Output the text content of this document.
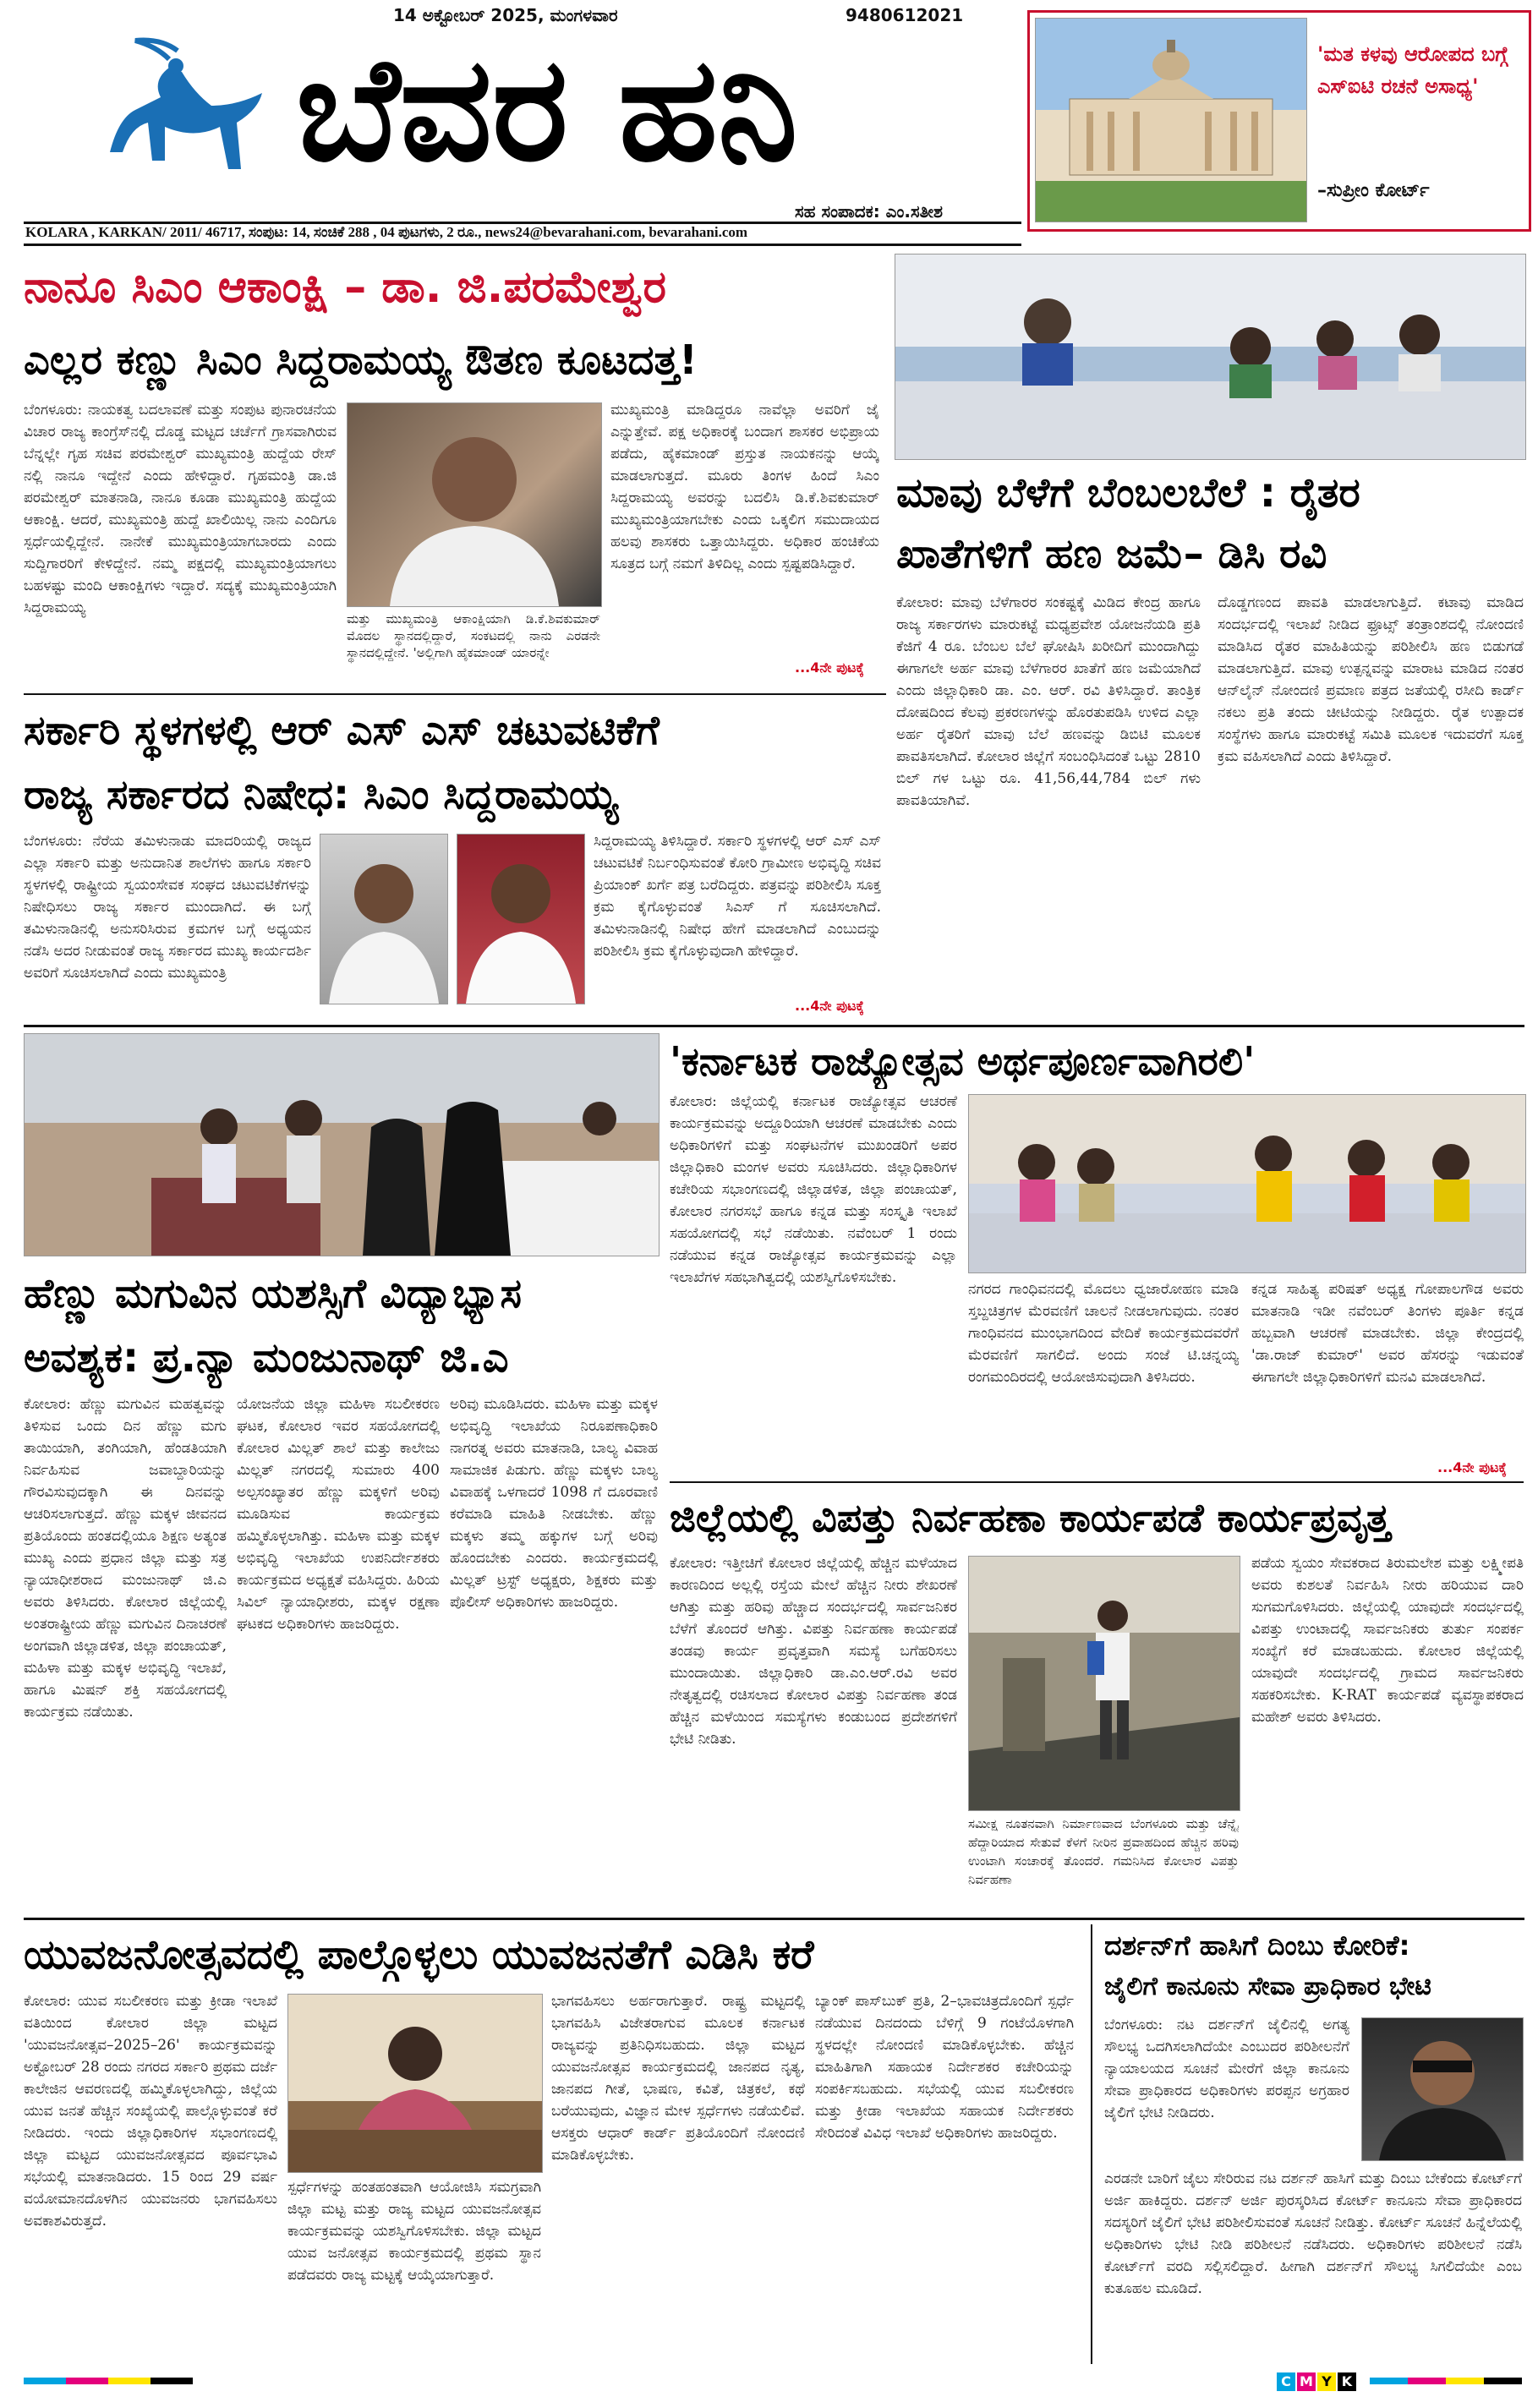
14 ಅಕ್ಟೋಬರ್ 2025, ಮಂಗಳವಾರ	9480612021
ಬೆವರ ಹನಿ
ಸಹ ಸಂಪಾದಕ: ಎಂ.ಸತೀಶ
'ಮತ ಕಳವು ಆರೋಪದ ಬಗ್ಗೆ ಎಸ್‌ಐಟಿ ರಚನೆ ಅಸಾಧ್ಯ'
–ಸುಪ್ರೀಂ ಕೋರ್ಟ್
KOLARA , KARKAN/ 2011/ 46717, ಸಂಪುಟ: 14, ಸಂಚಿಕೆ 288 , 04 ಪುಟಗಳು, 2 ರೂ., news24@bevarahani.com, bevarahani.com
ನಾನೂ ಸಿಎಂ ಆಕಾಂಕ್ಷಿ – ಡಾ. ಜಿ.ಪರಮೇಶ್ವರ
ಎಲ್ಲರ ಕಣ್ಣು ಸಿಎಂ ಸಿದ್ದರಾಮಯ್ಯ ಔತಣ ಕೂಟದತ್ತ!
ಬೆಂಗಳೂರು: ನಾಯಕತ್ವ ಬದಲಾವಣೆ ಮತ್ತು ಸಂಪುಟ ಪುನಾರಚನೆಯ ವಿಚಾರ ರಾಜ್ಯ ಕಾಂಗ್ರೆಸ್‌ನಲ್ಲಿ ದೊಡ್ಡ ಮಟ್ಟದ ಚರ್ಚೆಗೆ ಗ್ರಾಸವಾಗಿರುವ ಬೆನ್ನಲ್ಲೇ ಗೃಹ ಸಚಿವ ಪರಮೇಶ್ವರ್ ಮುಖ್ಯಮಂತ್ರಿ ಹುದ್ದೆಯ ರೇಸ್ ನಲ್ಲಿ ನಾನೂ ಇದ್ದೇನೆ ಎಂದು ಹೇಳಿದ್ದಾರೆ. ಗೃಹಮಂತ್ರಿ ಡಾ.ಜಿ ಪರಮೇಶ್ವರ್ ಮಾತನಾಡಿ, ನಾನೂ ಕೂಡಾ ಮುಖ್ಯಮಂತ್ರಿ ಹುದ್ದೆಯ ಆಕಾಂಕ್ಷಿ. ಆದರೆ, ಮುಖ್ಯಮಂತ್ರಿ ಹುದ್ದೆ ಖಾಲಿಯಿಲ್ಲ ನಾನು ಎಂದಿಗೂ ಸ್ಪರ್ಧೆಯಲ್ಲಿದ್ದೇನೆ. ನಾನೇಕೆ ಮುಖ್ಯಮಂತ್ರಿಯಾಗಬಾರದು ಎಂದು ಸುದ್ದಿಗಾರರಿಗೆ ಕೇಳಿದ್ದೇನೆ. ನಮ್ಮ ಪಕ್ಷದಲ್ಲಿ ಮುಖ್ಯಮಂತ್ರಿಯಾಗಲು ಬಹಳಷ್ಟು ಮಂದಿ ಆಕಾಂಕ್ಷಿಗಳು ಇದ್ದಾರೆ. ಸದ್ಯಕ್ಕೆ ಮುಖ್ಯಮಂತ್ರಿಯಾಗಿ ಸಿದ್ದರಾಮಯ್ಯ
ಮತ್ತು ಮುಖ್ಯಮಂತ್ರಿ ಆಕಾಂಕ್ಷಿಯಾಗಿ ಡಿ.ಕೆ.ಶಿವಕುಮಾರ್ ಮೊದಲ ಸ್ಥಾನದಲ್ಲಿದ್ದಾರೆ, ಸಂಕಟದಲ್ಲಿ ನಾನು ಎರಡನೇ ಸ್ಥಾನದಲ್ಲಿದ್ದೇನೆ. 'ಅಲ್ಲಿಗಾಗಿ ಹೈಕಮಾಂಡ್ ಯಾರನ್ನೇ
ಮುಖ್ಯಮಂತ್ರಿ ಮಾಡಿದ್ದರೂ ನಾವೆಲ್ಲಾ ಅವರಿಗೆ ಜೈ ಎನ್ನುತ್ತೇವೆ. ಪಕ್ಷ ಅಧಿಕಾರಕ್ಕೆ ಬಂದಾಗ ಶಾಸಕರ ಅಭಿಪ್ರಾಯ ಪಡೆದು, ಹೈಕಮಾಂಡ್ ಪ್ರಸ್ತುತ ನಾಯಕನನ್ನು ಆಯ್ಕೆ ಮಾಡಲಾಗುತ್ತದೆ. ಮೂರು ತಿಂಗಳ ಹಿಂದೆ ಸಿಎಂ ಸಿದ್ದರಾಮಯ್ಯ ಅವರನ್ನು ಬದಲಿಸಿ ಡಿ.ಕೆ.ಶಿವಕುಮಾರ್ ಮುಖ್ಯಮಂತ್ರಿಯಾಗಬೇಕು ಎಂದು ಒಕ್ಕಲಿಗ ಸಮುದಾಯದ ಹಲವು ಶಾಸಕರು ಒತ್ತಾಯಿಸಿದ್ದರು. ಅಧಿಕಾರ ಹಂಚಿಕೆಯ ಸೂತ್ರದ ಬಗ್ಗೆ ನಮಗೆ ತಿಳಿದಿಲ್ಲ ಎಂದು ಸ್ಪಷ್ಟಪಡಿಸಿದ್ದಾರೆ.
...4ನೇ ಪುಟಕ್ಕೆ
ಮಾವು ಬೆಳೆಗೆ ಬೆಂಬಲಬೆಲೆ : ರೈತರ
ಖಾತೆಗಳಿಗೆ ಹಣ ಜಮೆ– ಡಿಸಿ ರವಿ
ಕೋಲಾರ: ಮಾವು ಬೆಳೆಗಾರರ ಸಂಕಷ್ಟಕ್ಕೆ ಮಿಡಿದ ಕೇಂದ್ರ ಹಾಗೂ ರಾಜ್ಯ ಸರ್ಕಾರಗಳು ಮಾರುಕಟ್ಟೆ ಮಧ್ಯಪ್ರವೇಶ ಯೋಜನೆಯಡಿ ಪ್ರತಿ ಕೆಜಿಗೆ 4 ರೂ. ಬೆಂಬಲ ಬೆಲೆ ಘೋಷಿಸಿ ಖರೀದಿಗೆ ಮುಂದಾಗಿದ್ದು ಈಗಾಗಲೇ ಅರ್ಹ ಮಾವು ಬೆಳೆಗಾರರ ಖಾತೆಗೆ ಹಣ ಜಮೆಯಾಗಿದೆ ಎಂದು ಜಿಲ್ಲಾಧಿಕಾರಿ ಡಾ. ಎಂ. ಆರ್. ರವಿ ತಿಳಿಸಿದ್ದಾರೆ. ತಾಂತ್ರಿಕ ದೋಷದಿಂದ ಕೆಲವು ಪ್ರಕರಣಗಳನ್ನು ಹೊರತುಪಡಿಸಿ ಉಳಿದ ಎಲ್ಲಾ ಅರ್ಹ ರೈತರಿಗೆ ಮಾವು ಬೆಲೆ ಹಣವನ್ನು ಡಿಬಿಟಿ ಮೂಲಕ ಪಾವತಿಸಲಾಗಿದೆ. ಕೋಲಾರ ಜಿಲ್ಲೆಗೆ ಸಂಬಂಧಿಸಿದಂತೆ ಒಟ್ಟು 2810 ಬಿಲ್ ಗಳ ಒಟ್ಟು ರೂ. 41,56,44,784 ಬಿಲ್ ಗಳು ಪಾವತಿಯಾಗಿವೆ.
ದೊಡ್ಡಗಣಂದ ಪಾವತಿ ಮಾಡಲಾಗುತ್ತಿದೆ. ಕಟಾವು ಮಾಡಿದ ಸಂದರ್ಭದಲ್ಲಿ ಇಲಾಖೆ ನೀಡಿದ ಫ್ರೂಟ್ಸ್ ತಂತ್ರಾಂಶದಲ್ಲಿ ನೋಂದಣಿ ಮಾಡಿಸಿದ ರೈತರ ಮಾಹಿತಿಯನ್ನು ಪರಿಶೀಲಿಸಿ ಹಣ ಬಿಡುಗಡೆ ಮಾಡಲಾಗುತ್ತಿದೆ. ಮಾವು ಉತ್ಪನ್ನವನ್ನು ಮಾರಾಟ ಮಾಡಿದ ನಂತರ ಆನ್‌ಲೈನ್ ನೋಂದಣಿ ಪ್ರಮಾಣ ಪತ್ರದ ಜತೆಯಲ್ಲಿ ರಸೀದಿ ಕಾರ್ಡ್ ನಕಲು ಪ್ರತಿ ತಂದು ಚೀಟಿಯನ್ನು ನೀಡಿದ್ದರು. ರೈತ ಉತ್ಪಾದಕ ಸಂಸ್ಥೆಗಳು ಹಾಗೂ ಮಾರುಕಟ್ಟೆ ಸಮಿತಿ ಮೂಲಕ ಇದುವರೆಗೆ ಸೂಕ್ತ ಕ್ರಮ ವಹಿಸಲಾಗಿದೆ ಎಂದು ತಿಳಿಸಿದ್ದಾರೆ.
ಸರ್ಕಾರಿ ಸ್ಥಳಗಳಲ್ಲಿ ಆರ್ ಎಸ್ ಎಸ್ ಚಟುವಟಿಕೆಗೆ
ರಾಜ್ಯ ಸರ್ಕಾರದ ನಿಷೇಧ: ಸಿಎಂ ಸಿದ್ದರಾಮಯ್ಯ
ಬೆಂಗಳೂರು: ನೆರೆಯ ತಮಿಳುನಾಡು ಮಾದರಿಯಲ್ಲಿ ರಾಜ್ಯದ ಎಲ್ಲಾ ಸರ್ಕಾರಿ ಮತ್ತು ಅನುದಾನಿತ ಶಾಲೆಗಳು ಹಾಗೂ ಸರ್ಕಾರಿ ಸ್ಥಳಗಳಲ್ಲಿ ರಾಷ್ಟ್ರೀಯ ಸ್ವಯಂಸೇವಕ ಸಂಘದ ಚಟುವಟಿಕೆಗಳನ್ನು ನಿಷೇಧಿಸಲು ರಾಜ್ಯ ಸರ್ಕಾರ ಮುಂದಾಗಿದೆ. ಈ ಬಗ್ಗೆ ತಮಿಳುನಾಡಿನಲ್ಲಿ ಅನುಸರಿಸಿರುವ ಕ್ರಮಗಳ ಬಗ್ಗೆ ಅಧ್ಯಯನ ನಡೆಸಿ ಅದರ ನೀಡುವಂತೆ ರಾಜ್ಯ ಸರ್ಕಾರದ ಮುಖ್ಯ ಕಾರ್ಯದರ್ಶಿ ಅವರಿಗೆ ಸೂಚಿಸಲಾಗಿದೆ ಎಂದು ಮುಖ್ಯಮಂತ್ರಿ
ಸಿದ್ದರಾಮಯ್ಯ ತಿಳಿಸಿದ್ದಾರೆ. ಸರ್ಕಾರಿ ಸ್ಥಳಗಳಲ್ಲಿ ಆರ್ ಎಸ್ ಎಸ್ ಚಟುವಟಿಕೆ ನಿರ್ಬಂಧಿಸುವಂತೆ ಕೋರಿ ಗ್ರಾಮೀಣ ಅಭಿವೃದ್ಧಿ ಸಚಿವ ಪ್ರಿಯಾಂಕ್ ಖರ್ಗೆ ಪತ್ರ ಬರೆದಿದ್ದರು. ಪತ್ರವನ್ನು ಪರಿಶೀಲಿಸಿ ಸೂಕ್ತ ಕ್ರಮ ಕೈಗೊಳ್ಳುವಂತೆ ಸಿಎಸ್ ಗೆ ಸೂಚಿಸಲಾಗಿದೆ. ತಮಿಳುನಾಡಿನಲ್ಲಿ ನಿಷೇಧ ಹೇಗೆ ಮಾಡಲಾಗಿದೆ ಎಂಬುದನ್ನು ಪರಿಶೀಲಿಸಿ ಕ್ರಮ ಕೈಗೊಳ್ಳುವುದಾಗಿ ಹೇಳಿದ್ದಾರೆ.
...4ನೇ ಪುಟಕ್ಕೆ
'ಕರ್ನಾಟಕ ರಾಜ್ಯೋತ್ಸವ ಅರ್ಥಪೂರ್ಣವಾಗಿರಲಿ'
ಕೋಲಾರ: ಜಿಲ್ಲೆಯಲ್ಲಿ ಕರ್ನಾಟಕ ರಾಜ್ಯೋತ್ಸವ ಆಚರಣೆ ಕಾರ್ಯಕ್ರಮವನ್ನು ಅದ್ದೂರಿಯಾಗಿ ಆಚರಣೆ ಮಾಡಬೇಕು ಎಂದು ಅಧಿಕಾರಿಗಳಿಗೆ ಮತ್ತು ಸಂಘಟನೆಗಳ ಮುಖಂಡರಿಗೆ ಅಪರ ಜಿಲ್ಲಾಧಿಕಾರಿ ಮಂಗಳ ಅವರು ಸೂಚಿಸಿದರು. ಜಿಲ್ಲಾಧಿಕಾರಿಗಳ ಕಚೇರಿಯ ಸಭಾಂಗಣದಲ್ಲಿ ಜಿಲ್ಲಾಡಳಿತ, ಜಿಲ್ಲಾ ಪಂಚಾಯತ್, ಕೋಲಾರ ನಗರಸಭೆ ಹಾಗೂ ಕನ್ನಡ ಮತ್ತು ಸಂಸ್ಕೃತಿ ಇಲಾಖೆ ಸಹಯೋಗದಲ್ಲಿ ಸಭೆ ನಡೆಯಿತು. ನವೆಂಬರ್ 1 ರಂದು ನಡೆಯುವ ಕನ್ನಡ ರಾಜ್ಯೋತ್ಸವ ಕಾರ್ಯಕ್ರಮವನ್ನು ಎಲ್ಲಾ ಇಲಾಖೆಗಳ ಸಹಭಾಗಿತ್ವದಲ್ಲಿ ಯಶಸ್ವಿಗೊಳಿಸಬೇಕು.
ನಗರದ ಗಾಂಧಿವನದಲ್ಲಿ ಮೊದಲು ಧ್ವಜಾರೋಹಣ ಮಾಡಿ ಸ್ತಬ್ದಚಿತ್ರಗಳ ಮೆರವಣಿಗೆ ಚಾಲನೆ ನೀಡಲಾಗುವುದು. ನಂತರ ಗಾಂಧಿವನದ ಮುಂಭಾಗದಿಂದ ವೇದಿಕೆ ಕಾರ್ಯಕ್ರಮದವರೆಗೆ ಮೆರವಣಿಗೆ ಸಾಗಲಿದೆ. ಅಂದು ಸಂಜೆ ಟಿ.ಚನ್ನಯ್ಯ ರಂಗಮಂದಿರದಲ್ಲಿ ಆಯೋಜಿಸುವುದಾಗಿ ತಿಳಿಸಿದರು.
ಕನ್ನಡ ಸಾಹಿತ್ಯ ಪರಿಷತ್ ಅಧ್ಯಕ್ಷ ಗೋಪಾಲಗೌಡ ಅವರು ಮಾತನಾಡಿ ಇಡೀ ನವೆಂಬರ್ ತಿಂಗಳು ಪೂರ್ತಿ ಕನ್ನಡ ಹಬ್ಬವಾಗಿ ಆಚರಣೆ ಮಾಡಬೇಕು. ಜಿಲ್ಲಾ ಕೇಂದ್ರದಲ್ಲಿ 'ಡಾ.ರಾಜ್ ಕುಮಾರ್' ಅವರ ಹೆಸರನ್ನು ಇಡುವಂತೆ ಈಗಾಗಲೇ ಜಿಲ್ಲಾಧಿಕಾರಿಗಳಿಗೆ ಮನವಿ ಮಾಡಲಾಗಿದೆ.
...4ನೇ ಪುಟಕ್ಕೆ
ಹೆಣ್ಣು ಮಗುವಿನ ಯಶಸ್ಸಿಗೆ ವಿದ್ಯಾಭ್ಯಾಸ
ಅವಶ್ಯಕ: ಪ್ರ.ನ್ಯಾ ಮಂಜುನಾಥ್ ಜಿ.ಎ
ಕೋಲಾರ: ಹೆಣ್ಣು ಮಗುವಿನ ಮಹತ್ವವನ್ನು ತಿಳಿಸುವ ಒಂದು ದಿನ ಹೆಣ್ಣು ಮಗು ತಾಯಿಯಾಗಿ, ತಂಗಿಯಾಗಿ, ಹೆಂಡತಿಯಾಗಿ ನಿರ್ವಹಿಸುವ ಜವಾಬ್ದಾರಿಯನ್ನು ಗೌರವಿಸುವುದಕ್ಕಾಗಿ ಈ ದಿನವನ್ನು ಆಚರಿಸಲಾಗುತ್ತದೆ. ಹೆಣ್ಣು ಮಕ್ಕಳ ಜೀವನದ ಪ್ರತಿಯೊಂದು ಹಂತದಲ್ಲಿಯೂ ಶಿಕ್ಷಣ ಅತ್ಯಂತ ಮುಖ್ಯ ಎಂದು ಪ್ರಧಾನ ಜಿಲ್ಲಾ ಮತ್ತು ಸತ್ರ ನ್ಯಾಯಾಧೀಶರಾದ ಮಂಜುನಾಥ್ ಜಿ.ಎ ಅವರು ತಿಳಿಸಿದರು. ಕೋಲಾರ ಜಿಲ್ಲೆಯಲ್ಲಿ ಅಂತರಾಷ್ಟ್ರೀಯ ಹೆಣ್ಣು ಮಗುವಿನ ದಿನಾಚರಣೆ ಅಂಗವಾಗಿ ಜಿಲ್ಲಾಡಳಿತ, ಜಿಲ್ಲಾ ಪಂಚಾಯತ್, ಮಹಿಳಾ ಮತ್ತು ಮಕ್ಕಳ ಅಭಿವೃದ್ಧಿ ಇಲಾಖೆ, ಹಾಗೂ ಮಿಷನ್ ಶಕ್ತಿ ಸಹಯೋಗದಲ್ಲಿ ಕಾರ್ಯಕ್ರಮ ನಡೆಯಿತು.
ಯೋಜನೆಯ ಜಿಲ್ಲಾ ಮಹಿಳಾ ಸಬಲೀಕರಣ ಘಟಕ, ಕೋಲಾರ ಇವರ ಸಹಯೋಗದಲ್ಲಿ ಕೋಲಾರ ಮಿಲ್ಲತ್ ಶಾಲೆ ಮತ್ತು ಕಾಲೇಜು ಮಿಲ್ಲತ್ ನಗರದಲ್ಲಿ ಸುಮಾರು 400 ಅಲ್ಪಸಂಖ್ಯಾತರ ಹೆಣ್ಣು ಮಕ್ಕಳಿಗೆ ಅರಿವು ಮೂಡಿಸುವ ಕಾರ್ಯಕ್ರಮ ಹಮ್ಮಿಕೊಳ್ಳಲಾಗಿತ್ತು. ಮಹಿಳಾ ಮತ್ತು ಮಕ್ಕಳ ಅಭಿವೃದ್ಧಿ ಇಲಾಖೆಯ ಉಪನಿರ್ದೇಶಕರು ಕಾರ್ಯಕ್ರಮದ ಅಧ್ಯಕ್ಷತೆ ವಹಿಸಿದ್ದರು. ಹಿರಿಯ ಸಿವಿಲ್ ನ್ಯಾಯಾಧೀಶರು, ಮಕ್ಕಳ ರಕ್ಷಣಾ ಘಟಕದ ಅಧಿಕಾರಿಗಳು ಹಾಜರಿದ್ದರು.
ಅರಿವು ಮೂಡಿಸಿದರು. ಮಹಿಳಾ ಮತ್ತು ಮಕ್ಕಳ ಅಭಿವೃದ್ಧಿ ಇಲಾಖೆಯ ನಿರೂಪಣಾಧಿಕಾರಿ ನಾಗರತ್ನ ಅವರು ಮಾತನಾಡಿ, ಬಾಲ್ಯ ವಿವಾಹ ಸಾಮಾಜಿಕ ಪಿಡುಗು. ಹೆಣ್ಣು ಮಕ್ಕಳು ಬಾಲ್ಯ ವಿವಾಹಕ್ಕೆ ಒಳಗಾದರೆ 1098 ಗೆ ದೂರವಾಣಿ ಕರೆಮಾಡಿ ಮಾಹಿತಿ ನೀಡಬೇಕು. ಹೆಣ್ಣು ಮಕ್ಕಳು ತಮ್ಮ ಹಕ್ಕುಗಳ ಬಗ್ಗೆ ಅರಿವು ಹೊಂದಬೇಕು ಎಂದರು. ಕಾರ್ಯಕ್ರಮದಲ್ಲಿ ಮಿಲ್ಲತ್ ಟ್ರಸ್ಟ್ ಅಧ್ಯಕ್ಷರು, ಶಿಕ್ಷಕರು ಮತ್ತು ಪೊಲೀಸ್ ಅಧಿಕಾರಿಗಳು ಹಾಜರಿದ್ದರು.
ಜಿಲ್ಲೆಯಲ್ಲಿ ವಿಪತ್ತು ನಿರ್ವಹಣಾ ಕಾರ್ಯಪಡೆ ಕಾರ್ಯಪ್ರವೃತ್ತ
ಕೋಲಾರ: ಇತ್ತೀಚಿಗೆ ಕೋಲಾರ ಜಿಲ್ಲೆಯಲ್ಲಿ ಹೆಚ್ಚಿನ ಮಳೆಯಾದ ಕಾರಣದಿಂದ ಅಲ್ಲಲ್ಲಿ ರಸ್ತೆಯ ಮೇಲೆ ಹೆಚ್ಚಿನ ನೀರು ಶೇಖರಣೆ ಆಗಿತ್ತು ಮತ್ತು ಹರಿವು ಹೆಚ್ಚಾದ ಸಂದರ್ಭದಲ್ಲಿ ಸಾರ್ವಜನಿಕರ ಬೆಳೆಗೆ ತೊಂದರೆ ಆಗಿತ್ತು. ವಿಪತ್ತು ನಿರ್ವಹಣಾ ಕಾರ್ಯಪಡೆ ತಂಡವು ಕಾರ್ಯ ಪ್ರವೃತ್ತವಾಗಿ ಸಮಸ್ಯೆ ಬಗೆಹರಿಸಲು ಮುಂದಾಯಿತು. ಜಿಲ್ಲಾಧಿಕಾರಿ ಡಾ.ಎಂ.ಆರ್.ರವಿ ಅವರ ನೇತೃತ್ವದಲ್ಲಿ ರಚಿಸಲಾದ ಕೋಲಾರ ವಿಪತ್ತು ನಿರ್ವಹಣಾ ತಂಡ ಹೆಚ್ಚಿನ ಮಳೆಯಿಂದ ಸಮಸ್ಯೆಗಳು ಕಂಡುಬಂದ ಪ್ರದೇಶಗಳಿಗೆ ಭೇಟಿ ನೀಡಿತು.
ಸಮೀಕ್ಷ ನೂತನವಾಗಿ ನಿರ್ಮಾಣವಾದ ಬೆಂಗಳೂರು ಮತ್ತು ಚೆನ್ನೈ ಹೆದ್ದಾರಿಯಾದ ಸೇತುವೆ ಕೆಳಗೆ ನೀರಿನ ಪ್ರವಾಹದಿಂದ ಹೆಚ್ಚಿನ ಹರಿವು ಉಂಟಾಗಿ ಸಂಚಾರಕ್ಕೆ ತೊಂದರೆ. ಗಮನಿಸಿದ ಕೋಲಾರ ವಿಪತ್ತು ನಿರ್ವಹಣಾ
ಪಡೆಯ ಸ್ವಯಂ ಸೇವಕರಾದ ತಿರುಮಲೇಶ ಮತ್ತು ಲಕ್ಷ್ಮೀಪತಿ ಅವರು ಕುಶಲತೆ ನಿರ್ವಹಿಸಿ ನೀರು ಹರಿಯುವ ದಾರಿ ಸುಗಮಗೊಳಿಸಿದರು. ಜಿಲ್ಲೆಯಲ್ಲಿ ಯಾವುದೇ ಸಂದರ್ಭದಲ್ಲಿ ವಿಪತ್ತು ಉಂಟಾದಲ್ಲಿ ಸಾರ್ವಜನಿಕರು ತುರ್ತು ಸಂಪರ್ಕ ಸಂಖ್ಯೆಗೆ ಕರೆ ಮಾಡಬಹುದು. ಕೋಲಾರ ಜಿಲ್ಲೆಯಲ್ಲಿ ಯಾವುದೇ ಸಂದರ್ಭದಲ್ಲಿ ಗ್ರಾಮದ ಸಾರ್ವಜನಿಕರು ಸಹಕರಿಸಬೇಕು. K-RAT ಕಾರ್ಯಪಡೆ ವ್ಯವಸ್ಥಾಪಕರಾದ ಮಹೇಶ್ ಅವರು ತಿಳಿಸಿದರು.
ಯುವಜನೋತ್ಸವದಲ್ಲಿ ಪಾಲ್ಗೊಳ್ಳಲು ಯುವಜನತೆಗೆ ಎಡಿಸಿ ಕರೆ
ಕೋಲಾರ: ಯುವ ಸಬಲೀಕರಣ ಮತ್ತು ಕ್ರೀಡಾ ಇಲಾಖೆ ವತಿಯಿಂದ ಕೋಲಾರ ಜಿಲ್ಲಾ ಮಟ್ಟದ 'ಯುವಜನೋತ್ಸವ–2025–26' ಕಾರ್ಯಕ್ರಮವನ್ನು ಅಕ್ಟೋಬರ್ 28 ರಂದು ನಗರದ ಸರ್ಕಾರಿ ಪ್ರಥಮ ದರ್ಜೆ ಕಾಲೇಜಿನ ಆವರಣದಲ್ಲಿ ಹಮ್ಮಿಕೊಳ್ಳಲಾಗಿದ್ದು, ಜಿಲ್ಲೆಯ ಯುವ ಜನತೆ ಹೆಚ್ಚಿನ ಸಂಖ್ಯೆಯಲ್ಲಿ ಪಾಲ್ಗೊಳ್ಳುವಂತೆ ಕರೆ ನೀಡಿದರು. ಇಂದು ಜಿಲ್ಲಾಧಿಕಾರಿಗಳ ಸಭಾಂಗಣದಲ್ಲಿ ಜಿಲ್ಲಾ ಮಟ್ಟದ ಯುವಜನೋತ್ಸವದ ಪೂರ್ವಭಾವಿ ಸಭೆಯಲ್ಲಿ ಮಾತನಾಡಿದರು. 15 ರಿಂದ 29 ವರ್ಷ ವಯೋಮಾನದೊಳಗಿನ ಯುವಜನರು ಭಾಗವಹಿಸಲು ಅವಕಾಶವಿರುತ್ತದೆ.
ಸ್ಪರ್ಧೆಗಳನ್ನು ಹಂತಹಂತವಾಗಿ ಆಯೋಜಿಸಿ ಸಮಗ್ರವಾಗಿ ಜಿಲ್ಲಾ ಮಟ್ಟ ಮತ್ತು ರಾಜ್ಯ ಮಟ್ಟದ ಯುವಜನೋತ್ಸವ ಕಾರ್ಯಕ್ರಮವನ್ನು ಯಶಸ್ವಿಗೊಳಿಸಬೇಕು. ಜಿಲ್ಲಾ ಮಟ್ಟದ ಯುವ ಜನೋತ್ಸವ ಕಾರ್ಯಕ್ರಮದಲ್ಲಿ ಪ್ರಥಮ ಸ್ಥಾನ ಪಡೆದವರು ರಾಜ್ಯ ಮಟ್ಟಕ್ಕೆ ಆಯ್ಕೆಯಾಗುತ್ತಾರೆ.
ಭಾಗವಹಿಸಲು ಅರ್ಹರಾಗುತ್ತಾರೆ. ರಾಷ್ಟ್ರ ಮಟ್ಟದಲ್ಲಿ ಭಾಗವಹಿಸಿ ವಿಜೇತರಾಗುವ ಮೂಲಕ ಕರ್ನಾಟಕ ರಾಜ್ಯವನ್ನು ಪ್ರತಿನಿಧಿಸಬಹುದು. ಜಿಲ್ಲಾ ಮಟ್ಟದ ಯುವಜನೋತ್ಸವ ಕಾರ್ಯಕ್ರಮದಲ್ಲಿ ಜಾನಪದ ನೃತ್ಯ, ಜಾನಪದ ಗೀತೆ, ಭಾಷಣ, ಕವಿತೆ, ಚಿತ್ರಕಲೆ, ಕಥೆ ಬರೆಯುವುದು, ವಿಜ್ಞಾನ ಮೇಳ ಸ್ಪರ್ಧೆಗಳು ನಡೆಯಲಿವೆ. ಆಸಕ್ತರು ಆಧಾರ್ ಕಾರ್ಡ್ ಪ್ರತಿಯೊಂದಿಗೆ ನೋಂದಣಿ ಮಾಡಿಕೊಳ್ಳಬೇಕು.
ಬ್ಯಾಂಕ್ ಪಾಸ್‌ಬುಕ್ ಪ್ರತಿ, 2–ಭಾವಚಿತ್ರದೊಂದಿಗೆ ಸ್ಪರ್ಧೆ ನಡೆಯುವ ದಿನದಂದು ಬೆಳಿಗ್ಗೆ 9 ಗಂಟೆಯೊಳಗಾಗಿ ಸ್ಥಳದಲ್ಲೇ ನೋಂದಣಿ ಮಾಡಿಕೊಳ್ಳಬೇಕು. ಹೆಚ್ಚಿನ ಮಾಹಿತಿಗಾಗಿ ಸಹಾಯಕ ನಿರ್ದೇಶಕರ ಕಚೇರಿಯನ್ನು ಸಂಪರ್ಕಿಸಬಹುದು. ಸಭೆಯಲ್ಲಿ ಯುವ ಸಬಲೀಕರಣ ಮತ್ತು ಕ್ರೀಡಾ ಇಲಾಖೆಯ ಸಹಾಯಕ ನಿರ್ದೇಶಕರು ಸೇರಿದಂತೆ ವಿವಿಧ ಇಲಾಖೆ ಅಧಿಕಾರಿಗಳು ಹಾಜರಿದ್ದರು.
ದರ್ಶನ್‌ಗೆ ಹಾಸಿಗೆ ದಿಂಬು ಕೋರಿಕೆ:
ಜೈಲಿಗೆ ಕಾನೂನು ಸೇವಾ ಪ್ರಾಧಿಕಾರ ಭೇಟಿ
ಬೆಂಗಳೂರು: ನಟ ದರ್ಶನ್‌ಗೆ ಜೈಲಿನಲ್ಲಿ ಅಗತ್ಯ ಸೌಲಭ್ಯ ಒದಗಿಸಲಾಗಿದೆಯೇ ಎಂಬುದರ ಪರಿಶೀಲನೆಗೆ ನ್ಯಾಯಾಲಯದ ಸೂಚನೆ ಮೇರೆಗೆ ಜಿಲ್ಲಾ ಕಾನೂನು ಸೇವಾ ಪ್ರಾಧಿಕಾರದ ಅಧಿಕಾರಿಗಳು ಪರಪ್ಪನ ಅಗ್ರಹಾರ ಜೈಲಿಗೆ ಭೇಟಿ ನೀಡಿದರು.
ಎರಡನೇ ಬಾರಿಗೆ ಜೈಲು ಸೇರಿರುವ ನಟ ದರ್ಶನ್ ಹಾಸಿಗೆ ಮತ್ತು ದಿಂಬು ಬೇಕೆಂದು ಕೋರ್ಟ್‌ಗೆ ಅರ್ಜಿ ಹಾಕಿದ್ದರು. ದರ್ಶನ್ ಅರ್ಜಿ ಪುರಸ್ಕರಿಸಿದ ಕೋರ್ಟ್ ಕಾನೂನು ಸೇವಾ ಪ್ರಾಧಿಕಾರದ ಸದಸ್ಯರಿಗೆ ಜೈಲಿಗೆ ಭೇಟಿ ಪರಿಶೀಲಿಸುವಂತೆ ಸೂಚನೆ ನೀಡಿತ್ತು. ಕೋರ್ಟ್ ಸೂಚನೆ ಹಿನ್ನೆಲೆಯಲ್ಲಿ ಅಧಿಕಾರಿಗಳು ಭೇಟಿ ನೀಡಿ ಪರಿಶೀಲನೆ ನಡೆಸಿದರು. ಅಧಿಕಾರಿಗಳು ಪರಿಶೀಲನೆ ನಡೆಸಿ ಕೋರ್ಟ್‌ಗೆ ವರದಿ ಸಲ್ಲಿಸಲಿದ್ದಾರೆ. ಹೀಗಾಗಿ ದರ್ಶನ್‌ಗೆ ಸೌಲಭ್ಯ ಸಿಗಲಿದೆಯೇ ಎಂಬ ಕುತೂಹಲ ಮೂಡಿದೆ.
C M Y K
